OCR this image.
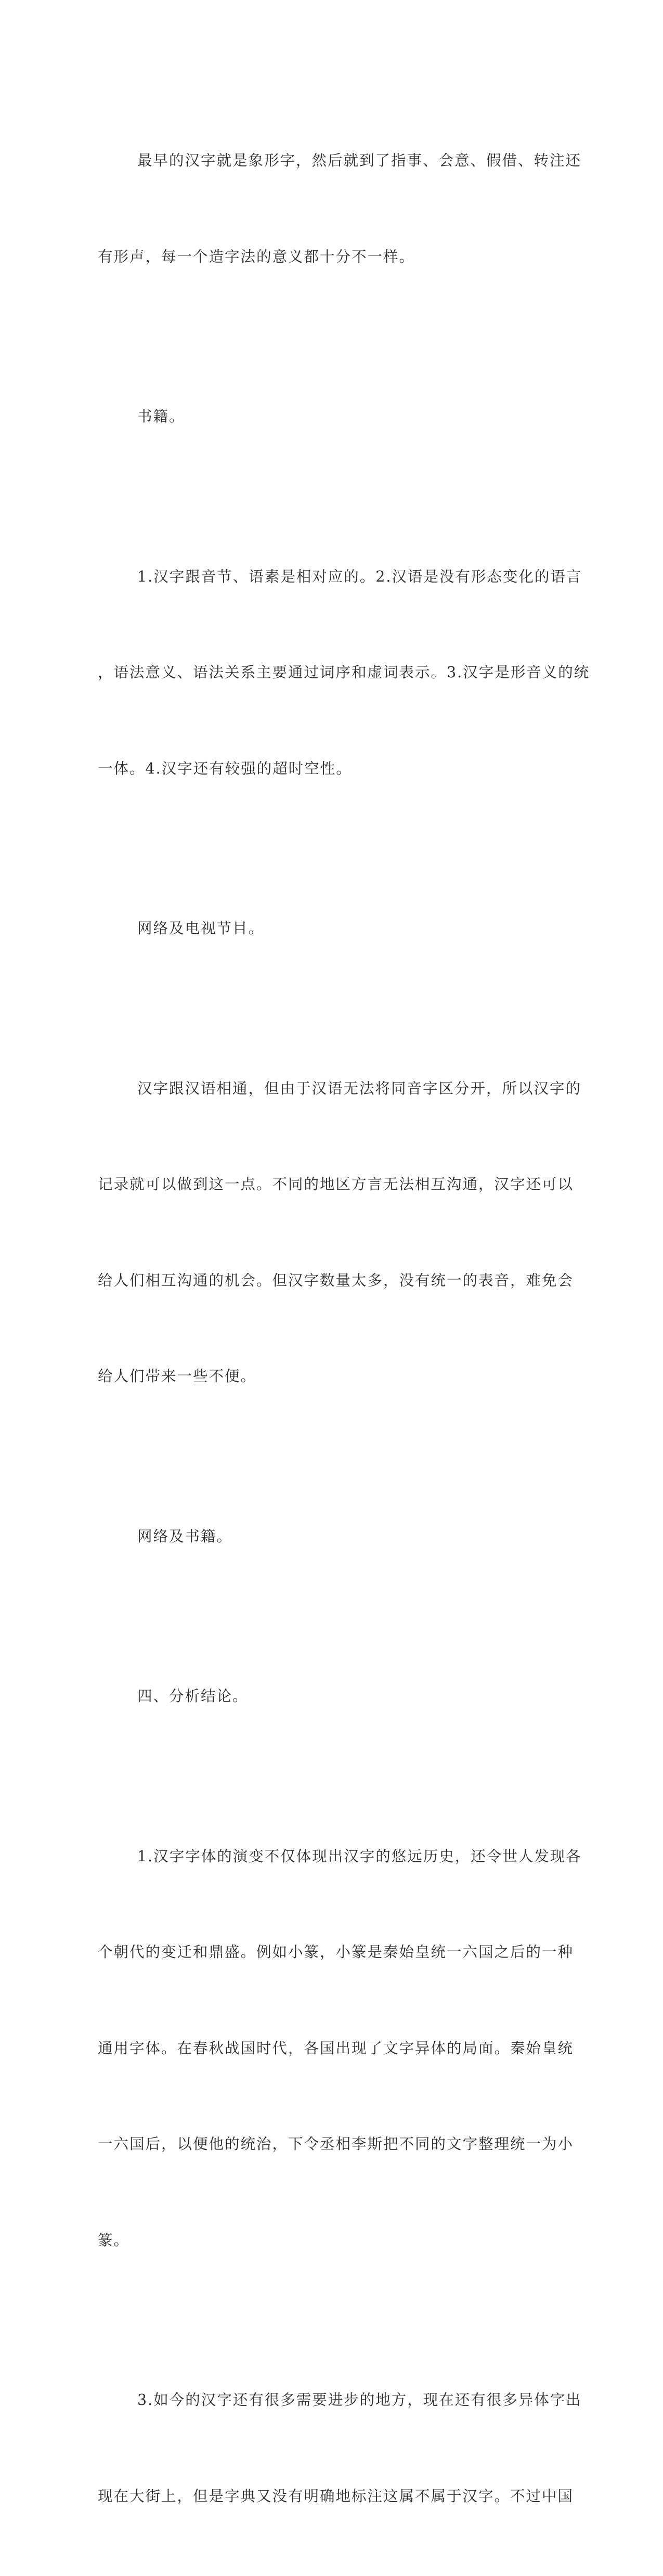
最早的汉字就是象形字，然后就到了指事、会意、假借、转注还

有形声，每一个造字法的意义都十分不一样。

书籍。

1.汉字跟音节、语素是相对应的。2.汉语是没有形态变化的语言

，语法意义、语法关系主要通过词序和虚词表示。3.汉字是形音义的统

一体。4.汉字还有较强的超时空性。

网络及电视节目。

汉字跟汉语相通，但由于汉语无法将同音字区分开，所以汉字的

记录就可以做到这一点。不同的地区方言无法相互沟通，汉字还可以

给人们相互沟通的机会。但汉字数量太多，没有统一的表音，难免会

给人们带来一些不便。

网络及书籍。

四、分析结论。

1.汉字字体的演变不仅体现出汉字的悠远历史，还令世人发现各

个朝代的变迁和鼎盛。例如小篆，小篆是秦始皇统一六国之后的一种

通用字体。在春秋战国时代，各国出现了文字异体的局面。秦始皇统

一六国后，以便他的统治，下令丞相李斯把不同的文字整理统一为小

篆。

3.如今的汉字还有很多需要进步的地方，现在还有很多异体字出

现在大街上，但是字典又没有明确地标注这属不属于汉字。不过中国
